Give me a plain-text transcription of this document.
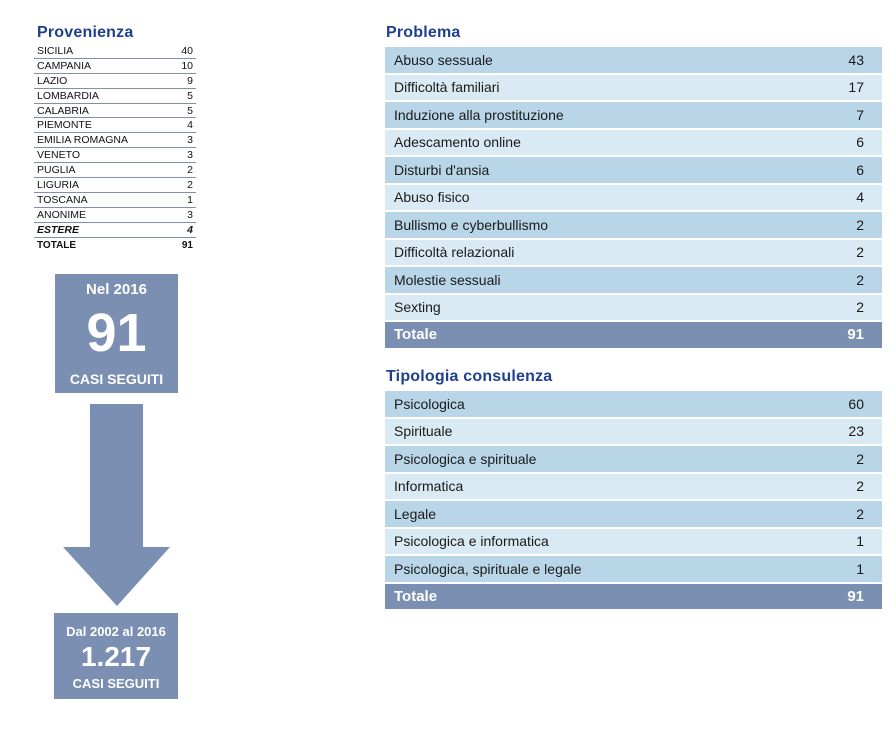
Provenienza
SICILIA	40
CAMPANIA	10
LAZIO	9
LOMBARDIA	5
CALABRIA	5
PIEMONTE	4
EMILIA ROMAGNA	3
VENETO	3
PUGLIA	2
LIGURIA	2
TOSCANA	1
ANONIME	3
ESTERE	4
TOTALE	91
Nel 2016
91
CASI SEGUITI
Dal 2002 al 2016
1.217
CASI SEGUITI
Problema
Abuso sessuale	43
Difficoltà familiari	17
Induzione alla prostituzione	7
Adescamento online	6
Disturbi d'ansia	6
Abuso fisico	4
Bullismo e cyberbullismo	2
Difficoltà relazionali	2
Molestie sessuali	2
Sexting	2
Totale	91
Tipologia consulenza
Psicologica	60
Spirituale	23
Psicologica e spirituale	2
Informatica	2
Legale	2
Psicologica e informatica	1
Psicologica, spirituale e legale	1
Totale	91
